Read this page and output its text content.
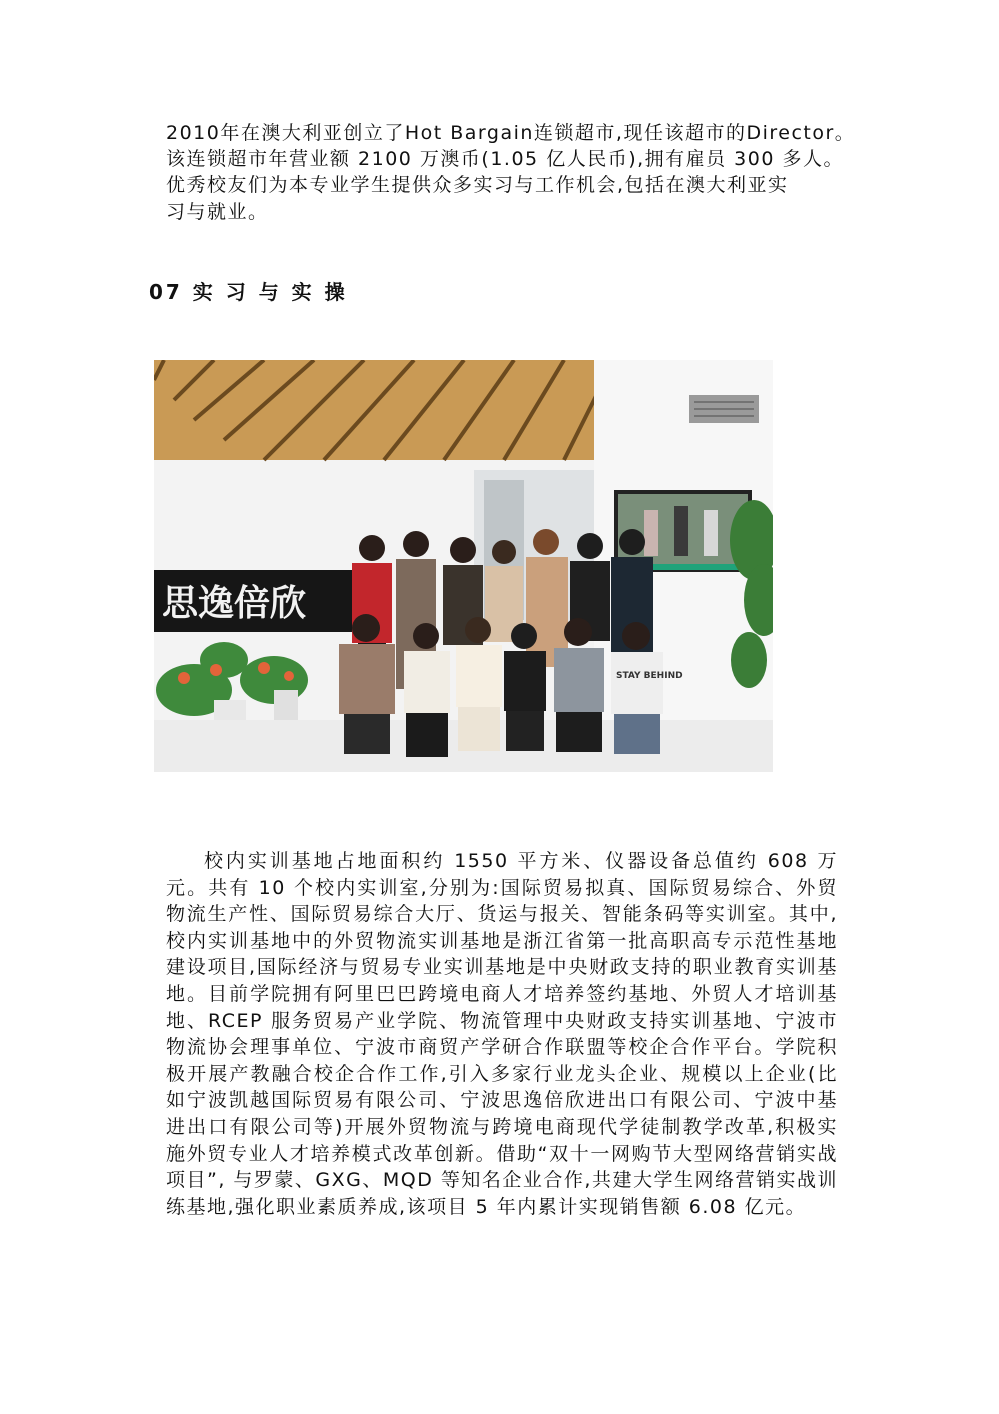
2010年在澳大利亚创立了Hot Bargain连锁超市,现任该超市的Director。
该连锁超市年营业额 2100 万澳币(1.05 亿人民币),拥有雇员 300 多人。
优秀校友们为本专业学生提供众多实习与工作机会,包括在澳大利亚实
习与就业。
07 实 习 与 实 操
思逸倍欣
STAY BEHIND
校内实训基地占地面积约 1550 平方米、仪器设备总值约 608 万元。共有 10 个校内实训室,分别为:国际贸易拟真、国际贸易综合、外贸物流生产性、国际贸易综合大厅、货运与报关、智能条码等实训室。其中,校内实训基地中的外贸物流实训基地是浙江省第一批高职高专示范性基地建设项目,国际经济与贸易专业实训基地是中央财政支持的职业教育实训基地。目前学院拥有阿里巴巴跨境电商人才培养签约基地、外贸人才培训基地、RCEP 服务贸易产业学院、物流管理中央财政支持实训基地、宁波市物流协会理事单位、宁波市商贸产学研合作联盟等校企合作平台。学院积极开展产教融合校企合作工作,引入多家行业龙头企业、规模以上企业(比如宁波凯越国际贸易有限公司、宁波思逸倍欣进出口有限公司、宁波中基进出口有限公司等)开展外贸物流与跨境电商现代学徒制教学改革,积极实施外贸专业人才培养模式改革创新。借助“双十一网购节大型网络营销实战项目”, 与罗蒙、GXG、MQD 等知名企业合作,共建大学生网络营销实战训练基地,强化职业素质养成,该项目 5 年内累计实现销售额 6.08 亿元。
